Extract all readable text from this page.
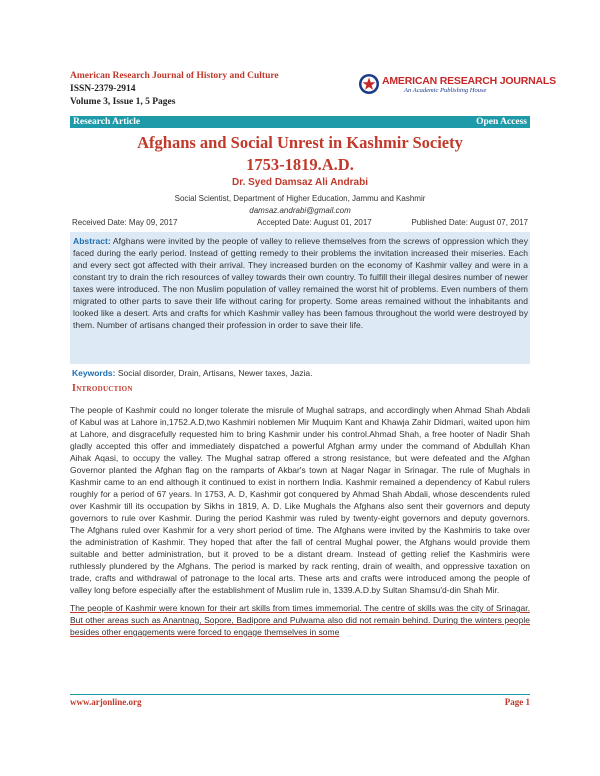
American Research Journal of History and Culture
ISSN-2379-2914
Volume 3, Issue 1, 5 Pages
AMERICAN RESEARCH JOURNALS
An Academic Publishing House
Research Article	Open Access
Afghans and Social Unrest in Kashmir Society
1753-1819.A.D.
Dr. Syed Damsaz Ali Andrabi
Social Scientist, Department of Higher Education, Jammu and Kashmir
damsaz.andrabi@gmail.com
Received Date: May 09, 2017	Accepted Date: August 01, 2017	Published Date: August 07, 2017

Abstract: Afghans were invited by the people of valley to relieve themselves from the screws of oppression which they faced during the early period. Instead of getting remedy to their problems the invitation increased their miseries. Each and every sect got affected with their arrival. They increased burden on the economy of Kashmir valley and were in a constant try to drain the rich resources of valley towards their own country. To fulfill their illegal desires number of newer taxes were introduced. The non Muslim population of valley remained the worst hit of problems. Even numbers of them migrated to other parts to save their life without caring for property. Some areas remained without the inhabitants and looked like a desert. Arts and crafts for which Kashmir valley has been famous throughout the world were destroyed by them. Number of artisans changed their profession in order to save their life.

Keywords: Social disorder, Drain, Artisans, Newer taxes, Jazia.
Introduction

The people of Kashmir could no longer tolerate the misrule of Mughal satraps, and accordingly when Ahmad Shah Abdali of Kabul was at Lahore in,1752.A.D,two Kashmiri noblemen Mir Muquim Kant and Khawja Zahir Didmari, waited upon him at Lahore, and disgracefully requested him to bring Kashmir under his control.Ahmad Shah, a free hooter of Nadir Shah gladly accepted this offer and immediately dispatched a powerful Afghan army under the command of Abdullah Khan Aihak Aqasi, to occupy the valley. The Mughal satrap offered a strong resistance, but were defeated and the Afghan Governor planted the Afghan flag on the ramparts of Akbar's town at Nagar Nagar in Srinagar. The rule of Mughals in Kashmir came to an end although it continued to exist in northern India. Kashmir remained a dependency of Kabul rulers roughly for a period of 67 years. In 1753, A. D, Kashmir got conquered by Ahmad Shah Abdali, whose descendents ruled over Kashmir till its occupation by Sikhs in 1819, A. D. Like Mughals the Afghans also sent their governors and deputy governors to rule over Kashmir. During the period Kashmir was ruled by twenty-eight governors and deputy governors. The Afghans ruled over Kashmir for a very short period of time. The Afghans were invited by the Kashmiris to take over the administration of Kashmir. They hoped that after the fall of central Mughal power, the Afghans would provide them suitable and better administration, but it proved to be a distant dream. Instead of getting relief the Kashmiris were ruthlessly plundered by the Afghans. The period is marked by rack renting, drain of wealth, and oppressive taxation on trade, crafts and withdrawal of patronage to the local arts. These arts and crafts were introduced among the people of valley long before especially after the establishment of Muslim rule in, 1339.A.D.by Sultan Shamsu'd-din Shah Mir.

The people of Kashmir were known for their art skills from times immemorial. The centre of skills was the city of Srinagar. But other areas such as Anantnag, Sopore, Badipore and Pulwama also did not remain behind. During the winters people besides other engagements were forced to engage themselves in some

www.arjonline.org	Page 1
